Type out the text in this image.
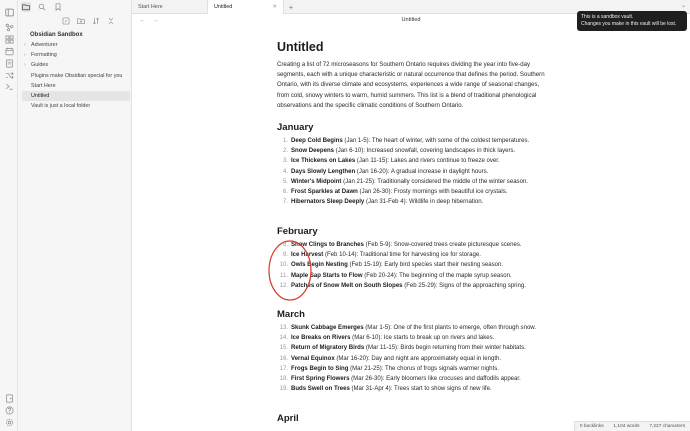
Obsidian Sandbox
› Adventurer
› Formatting
› Guides
Plugins make Obsidian special for you
Start Here
Untitled
Vault is just a local folder
Start Here	Untitled	✕	+	⌄
← →	Untitled	This is a sandbox vault.
Changes you make in this vault will be lost.
Untitled
Creating a list of 72 microseasons for Southern Ontario requires dividing the year into five-day segments, each with a unique characteristic or natural occurrence that defines the period. Southern Ontario, with its diverse climate and ecosystems, experiences a wide range of seasonal changes, from cold, snowy winters to warm, humid summers. This list is a blend of traditional phenological observations and the specific climatic conditions of Southern Ontario.
January
1. Deep Cold Begins (Jan 1-5): The heart of winter, with some of the coldest temperatures.
2. Snow Deepens (Jan 6-10): Increased snowfall, covering landscapes in thick layers.
3. Ice Thickens on Lakes (Jan 11-15): Lakes and rivers continue to freeze over.
4. Days Slowly Lengthen (Jan 16-20): A gradual increase in daylight hours.
5. Winter's Midpoint (Jan 21-25): Traditionally considered the middle of the winter season.
6. Frost Sparkles at Dawn (Jan 26-30): Frosty mornings with beautiful ice crystals.
7. Hibernators Sleep Deeply (Jan 31-Feb 4): Wildlife in deep hibernation.
February
8. Snow Clings to Branches (Feb 5-9): Snow-covered trees create picturesque scenes.
9. Ice Harvest (Feb 10-14): Traditional time for harvesting ice for storage.
10. Owls Begin Nesting (Feb 15-19): Early bird species start their nesting season.
11. Maple Sap Starts to Flow (Feb 20-24): The beginning of the maple syrup season.
12. Patches of Snow Melt on South Slopes (Feb 25-29): Signs of the approaching spring.
March
13. Skunk Cabbage Emerges (Mar 1-5): One of the first plants to emerge, often through snow.
14. Ice Breaks on Rivers (Mar 6-10): Ice starts to break up on rivers and lakes.
15. Return of Migratory Birds (Mar 11-15): Birds begin returning from their winter habitats.
16. Vernal Equinox (Mar 16-20): Day and night are approximately equal in length.
17. Frogs Begin to Sing (Mar 21-25): The chorus of frogs signals warmer nights.
18. First Spring Flowers (Mar 26-30): Early bloomers like crocuses and daffodils appear.
19. Buds Swell on Trees (Mar 31-Apr 4): Trees start to show signs of new life.
April
0 backlinks 1,104 words 7,227 characters
